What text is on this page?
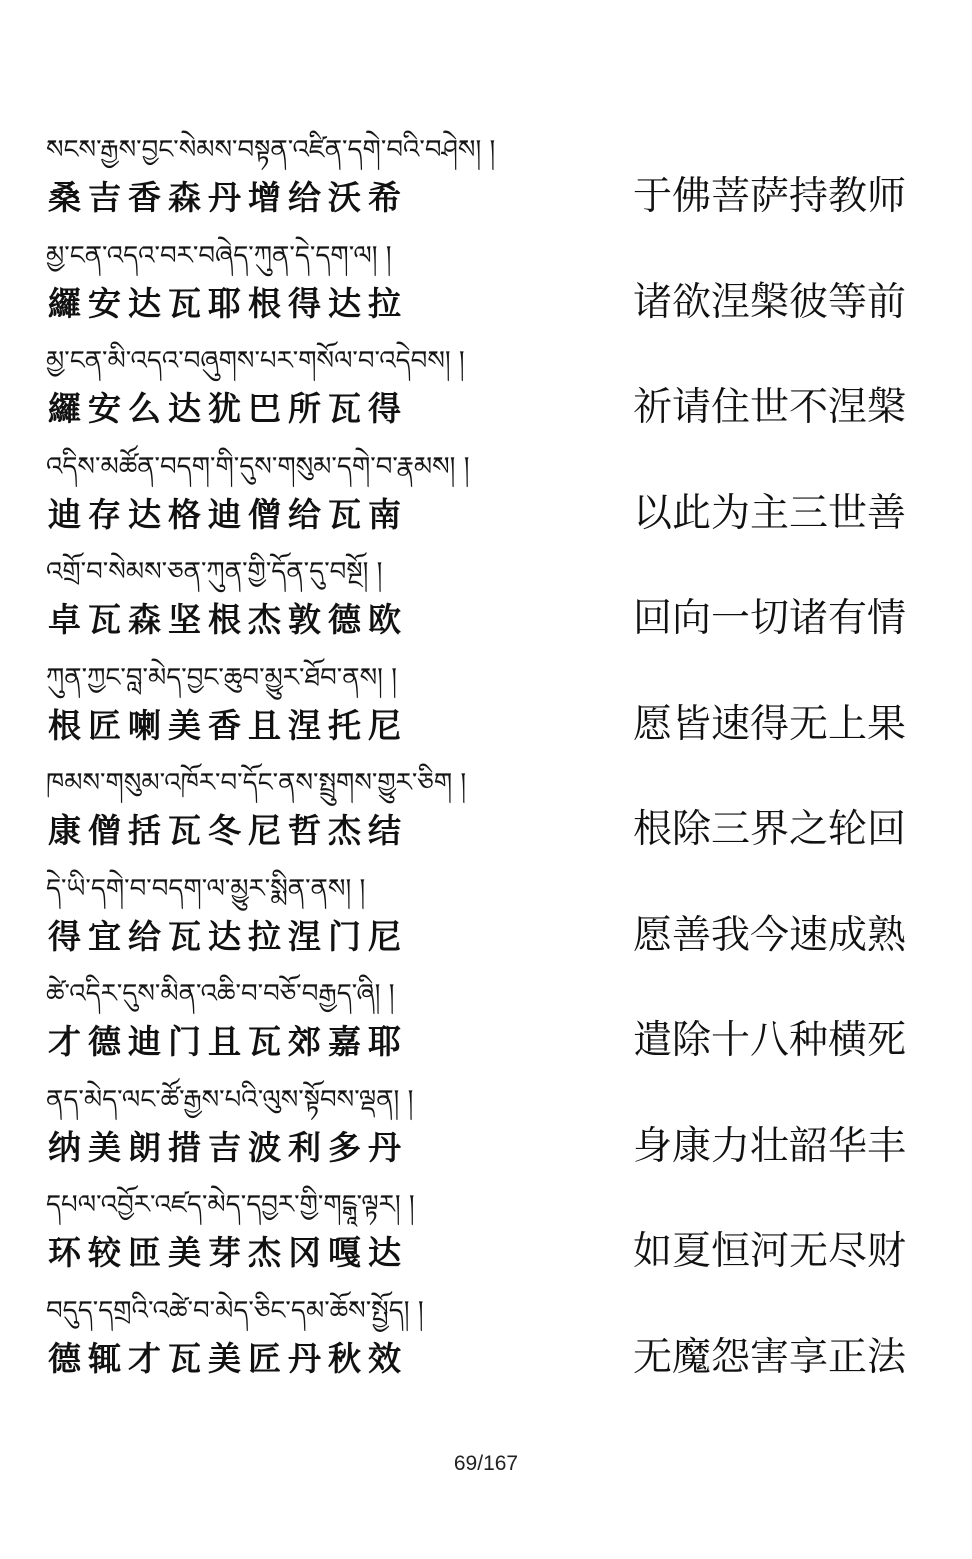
སངས་རྒྱས་བྱང་སེམས་བསྟན་འཛིན་དགེ་བའི་བཤེས། །
桑吉香森丹增给沃希	于佛菩萨持教师
མྱ་ངན་འདའ་བར་བཞེད་ཀུན་དེ་དག་ལ། །
纙安达瓦耶根得达拉	诸欲涅槃彼等前
མྱ་ངན་མི་འདའ་བཞུགས་པར་གསོལ་བ་འདེབས། །
纙安么达犹巴所瓦得	祈请住世不涅槃
འདིས་མཚོན་བདག་གི་དུས་གསུམ་དགེ་བ་རྣམས། །
迪存达格迪僧给瓦南	以此为主三世善
འགྲོ་བ་སེམས་ཅན་ཀུན་གྱི་དོན་དུ་བསྔོ། །
卓瓦森坚根杰敦德欧	回向一切诸有情
ཀུན་ཀྱང་བླ་མེད་བྱང་ཆུབ་མྱུར་ཐོབ་ནས། །
根匠喇美香且涅托尼	愿皆速得无上果
ཁམས་གསུམ་འཁོར་བ་དོང་ནས་སྤྲུགས་གྱུར་ཅིག །
康僧括瓦冬尼哲杰结	根除三界之轮回
དེ་ཡི་དགེ་བ་བདག་ལ་མྱུར་སྨིན་ནས། །
得宜给瓦达拉涅门尼	愿善我今速成熟
ཚེ་འདིར་དུས་མིན་འཆི་བ་བཅོ་བརྒྱད་ཞི། །
才德迪门且瓦郊嘉耶	遣除十八种横死
ནད་མེད་ལང་ཚོ་རྒྱས་པའི་ལུས་སྟོབས་ལྡན། །
纳美朗措吉波利多丹	身康力壮韶华丰
དཔལ་འབྱོར་འཛད་མེད་དབྱར་གྱི་གངྒཱ་ལྟར། །
环较匝美芽杰冈嘎达	如夏恒河无尽财
བདུད་དགྲའི་འཚེ་བ་མེད་ཅིང་དམ་ཆོས་སྤྱོད། །
德辄才瓦美匠丹秋效	无魔怨害享正法
69/167
